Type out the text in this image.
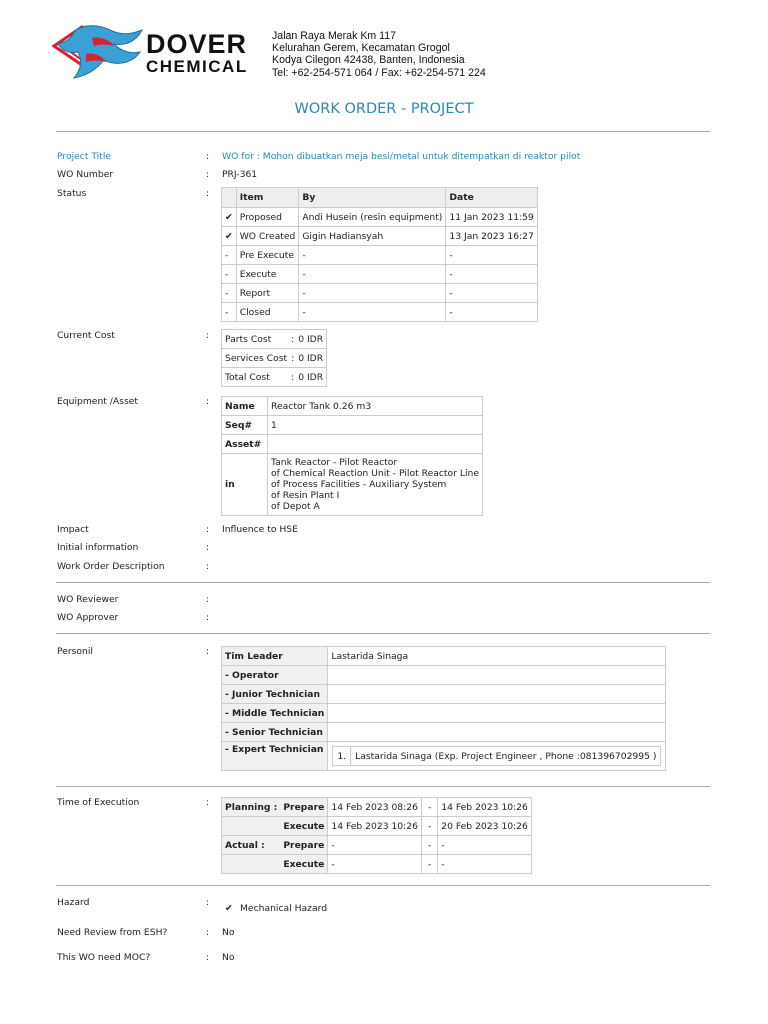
DOVER
CHEMICAL
Jalan Raya Merak Km 117
Kelurahan Gerem, Kecamatan Grogol
Kodya Cilegon 42438, Banten, Indonesia
Tel: +62-254-571 064 / Fax: +62-254-571 224
WORK ORDER - PROJECT
Project Title	: WO for : Mohon dibuatkan meja besi/metal untuk ditempatkan di reaktor pilot
WO Number	: PRJ-361
Status	:
		Item	By	Date
✔	Proposed	Andi Husein (resin equipment)	11 Jan 2023 11:59
✔	WO Created	Gigin Hadiansyah	13 Jan 2023 16:27
-	Pre Execute	-	-
-	Execute	-	-
-	Report	-	-
-	Closed	-	-
Current Cost	: Parts Cost	:	0 IDR
Services Cost	:	0 IDR
Total Cost	:	0 IDR
Equipment /Asset	: Name	Reactor Tank 0.26 m3
Seq#	1
Asset#	
in	Tank Reactor - Pilot Reactor
of Chemical Reaction Unit - Pilot Reactor Line
of Process Facilities - Auxiliary System
of Resin Plant I
of Depot A
Impact	: Influence to HSE
Initial information	:
Work Order Description	:
WO Reviewer	:
WO Approver	:
Personil	: Tim Leader	Lastarida Sinaga
- Operator	
- Junior Technician	
- Middle Technician	
- Senior Technician	
- Expert Technician	
1.	Lastarida Sinaga (Exp. Project Engineer , Phone :081396702995 )
Time of Execution	: Planning :	Prepare	14 Feb 2023 08:26	-	14 Feb 2023 10:26
	Execute	14 Feb 2023 10:26	-	20 Feb 2023 10:26
Actual :	Prepare	-	-	-
	Execute	-	-	-
Hazard	:
✔ Mechanical Hazard
Need Review from ESH?	: No
This WO need MOC?	: No
